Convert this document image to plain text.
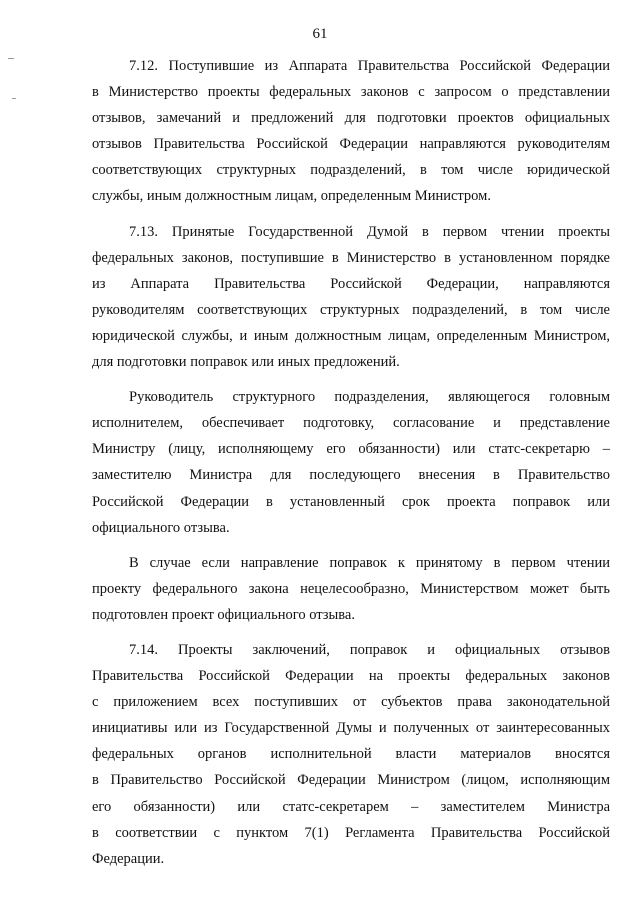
61
7.12. Поступившие из Аппарата Правительства Российской Федерации
в Министерство проекты федеральных законов с запросом о представлении
отзывов, замечаний и предложений для подготовки проектов официальных
отзывов Правительства Российской Федерации направляются руководителям
соответствующих структурных подразделений, в том числе юридической
службы, иным должностным лицам, определенным Министром.
7.13. Принятые Государственной Думой в первом чтении проекты
федеральных законов, поступившие в Министерство в установленном порядке
из Аппарата Правительства Российской Федерации, направляются
руководителям соответствующих структурных подразделений, в том числе
юридической службы, и иным должностным лицам, определенным Министром,
для подготовки поправок или иных предложений.
Руководитель структурного подразделения, являющегося головным
исполнителем, обеспечивает подготовку, согласование и представление
Министру (лицу, исполняющему его обязанности) или статс-секретарю –
заместителю Министра для последующего внесения в Правительство
Российской Федерации в установленный срок проекта поправок или
официального отзыва.
В случае если направление поправок к принятому в первом чтении
проекту федерального закона нецелесообразно, Министерством может быть
подготовлен проект официального отзыва.
7.14. Проекты заключений, поправок и официальных отзывов
Правительства Российской Федерации на проекты федеральных законов
с приложением всех поступивших от субъектов права законодательной
инициативы или из Государственной Думы и полученных от заинтересованных
федеральных органов исполнительной власти материалов вносятся
в Правительство Российской Федерации Министром (лицом, исполняющим
его обязанности) или статс-секретарем – заместителем Министра
в соответствии с пунктом 7(1) Регламента Правительства Российской
Федерации.
